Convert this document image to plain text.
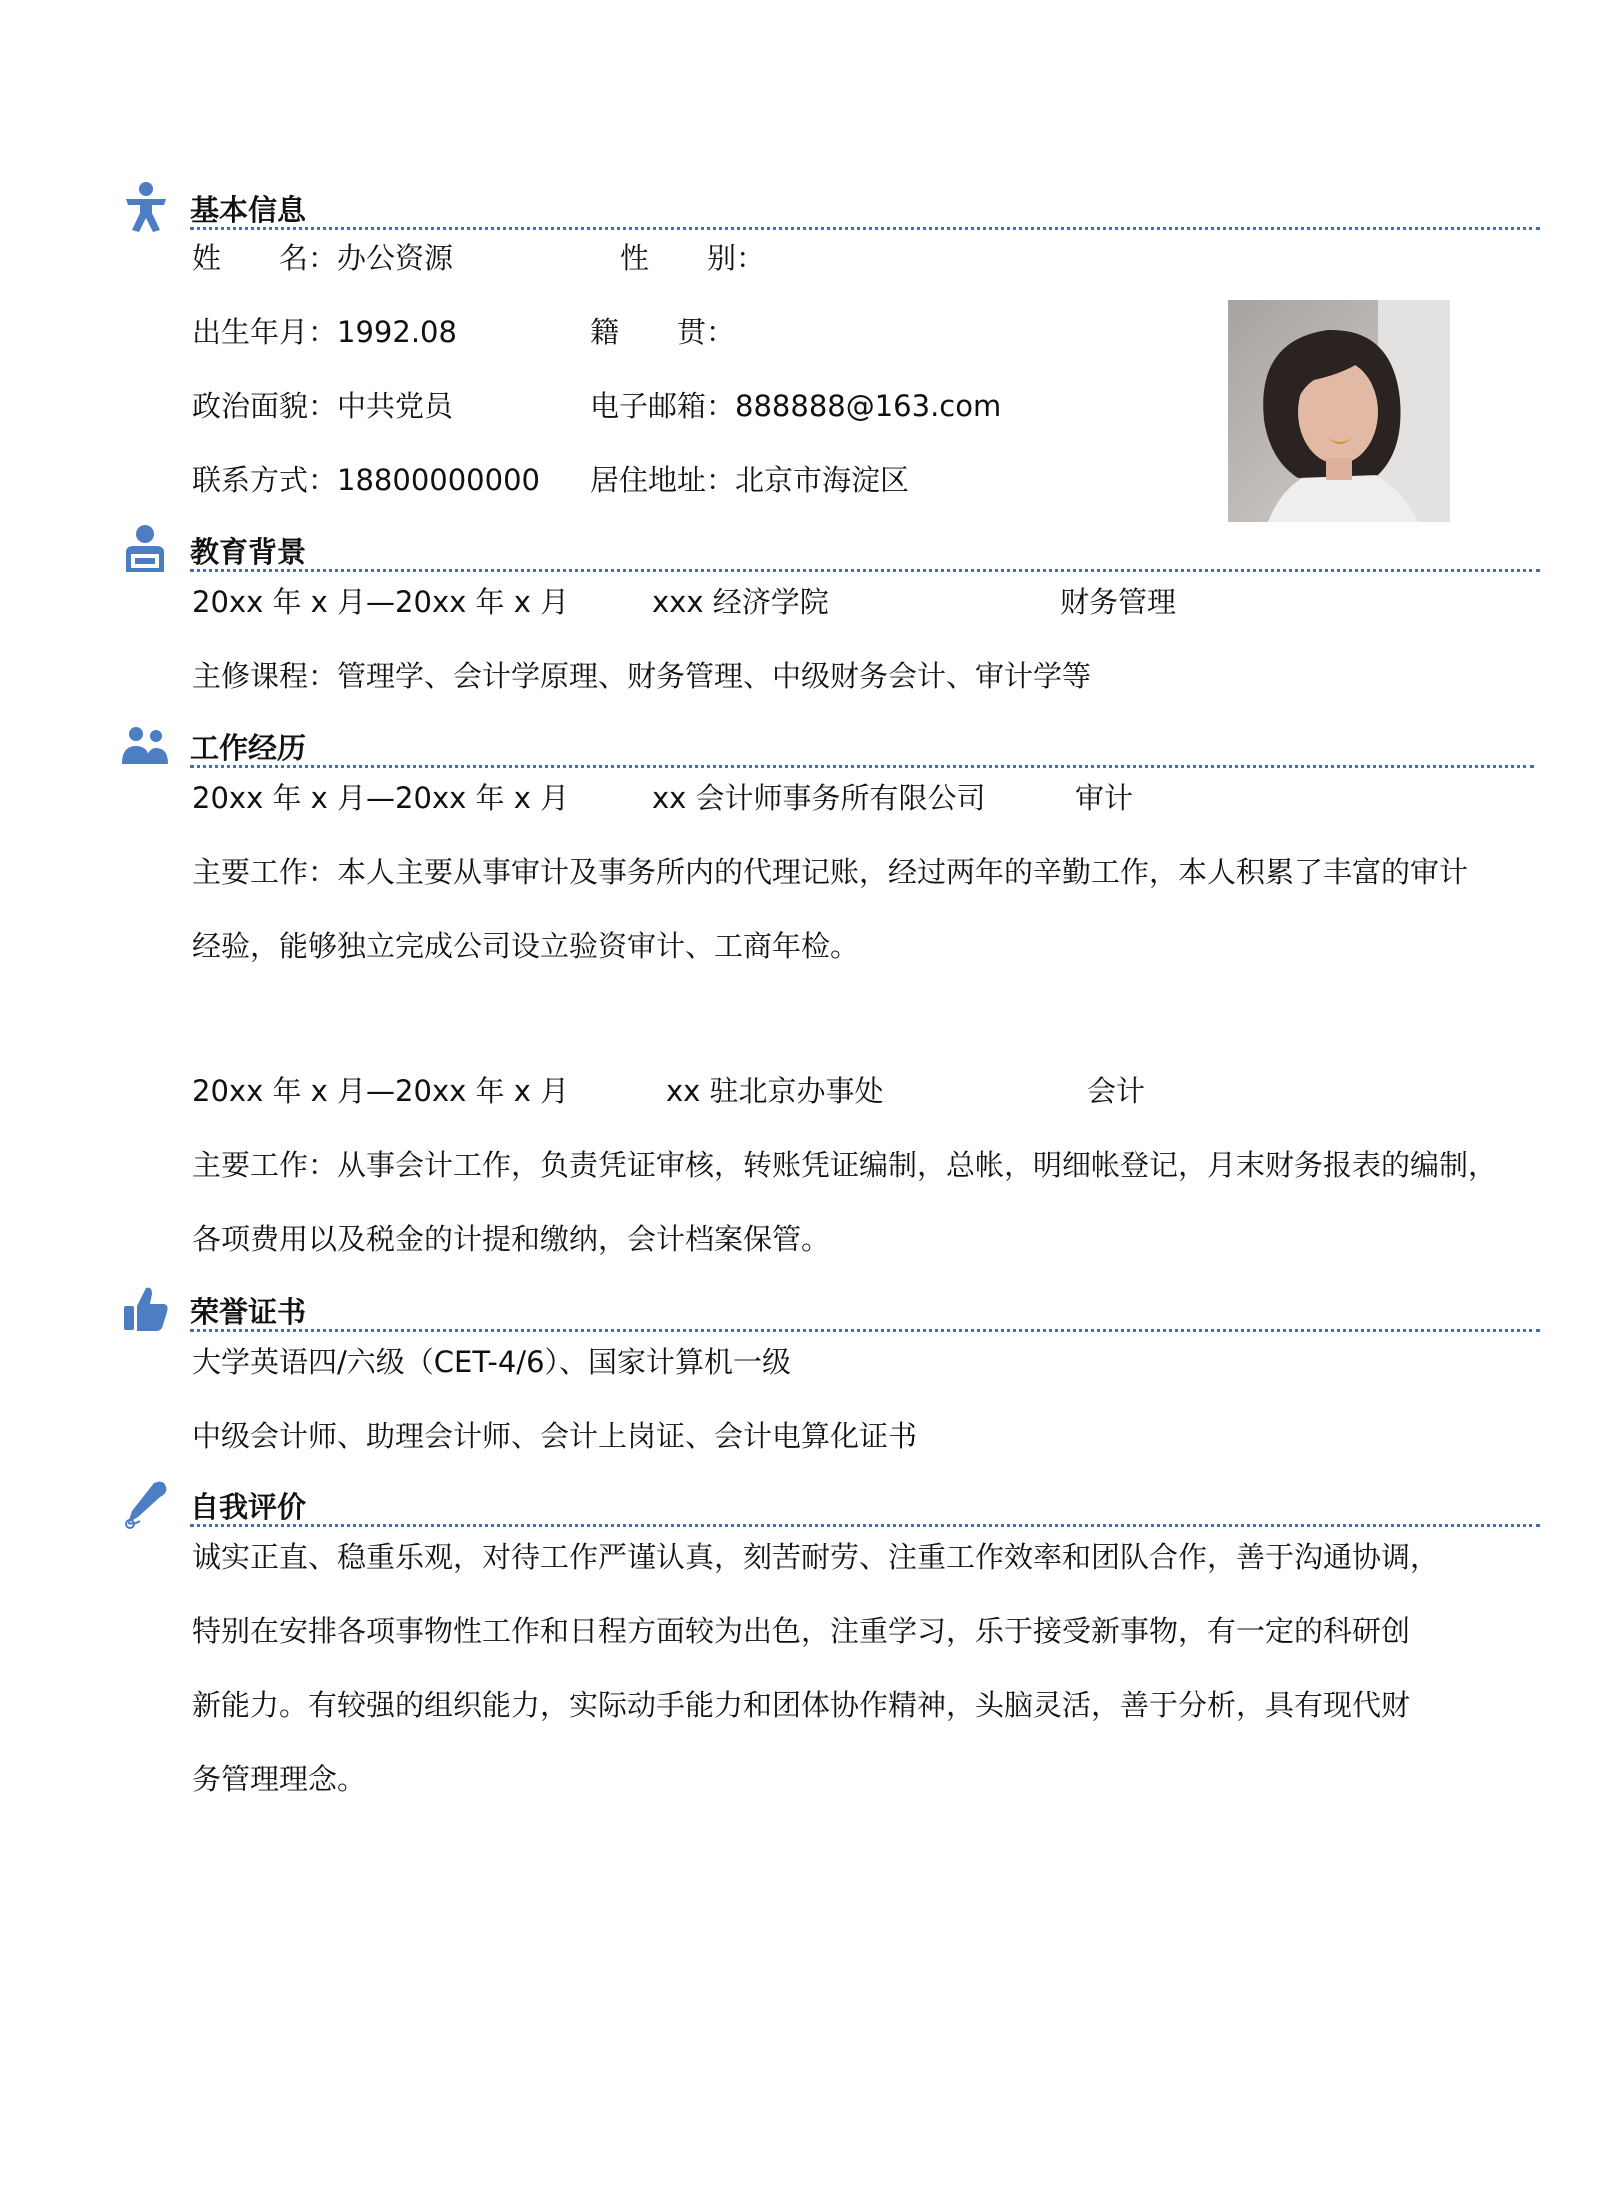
基本信息
姓　　名：办公资源	性　　别：
出生年月：1992.08	籍　　贯：
政治面貌：中共党员	电子邮箱：888888@163.com
联系方式：18800000000 居住地址：北京市海淀区
教育背景
20xx 年 x 月—20xx 年 x 月	xxx 经济学院	财务管理
主修课程：管理学、会计学原理、财务管理、中级财务会计、审计学等
工作经历
20xx 年 x 月—20xx 年 x 月	xx 会计师事务所有限公司	审计
主要工作：本人主要从事审计及事务所内的代理记账，经过两年的辛勤工作，本人积累了丰富的审计
经验，能够独立完成公司设立验资审计、工商年检。
20xx 年 x 月—20xx 年 x 月	xx 驻北京办事处	会计
主要工作：从事会计工作，负责凭证审核，转账凭证编制，总帐，明细帐登记，月末财务报表的编制，
各项费用以及税金的计提和缴纳，会计档案保管。
荣誉证书
大学英语四/六级（CET-4/6）、国家计算机一级
中级会计师、助理会计师、会计上岗证、会计电算化证书
自我评价
诚实正直、稳重乐观，对待工作严谨认真，刻苦耐劳、注重工作效率和团队合作，善于沟通协调，
特别在安排各项事物性工作和日程方面较为出色，注重学习，乐于接受新事物，有一定的科研创
新能力。有较强的组织能力，实际动手能力和团体协作精神，头脑灵活，善于分析，具有现代财
务管理理念。
